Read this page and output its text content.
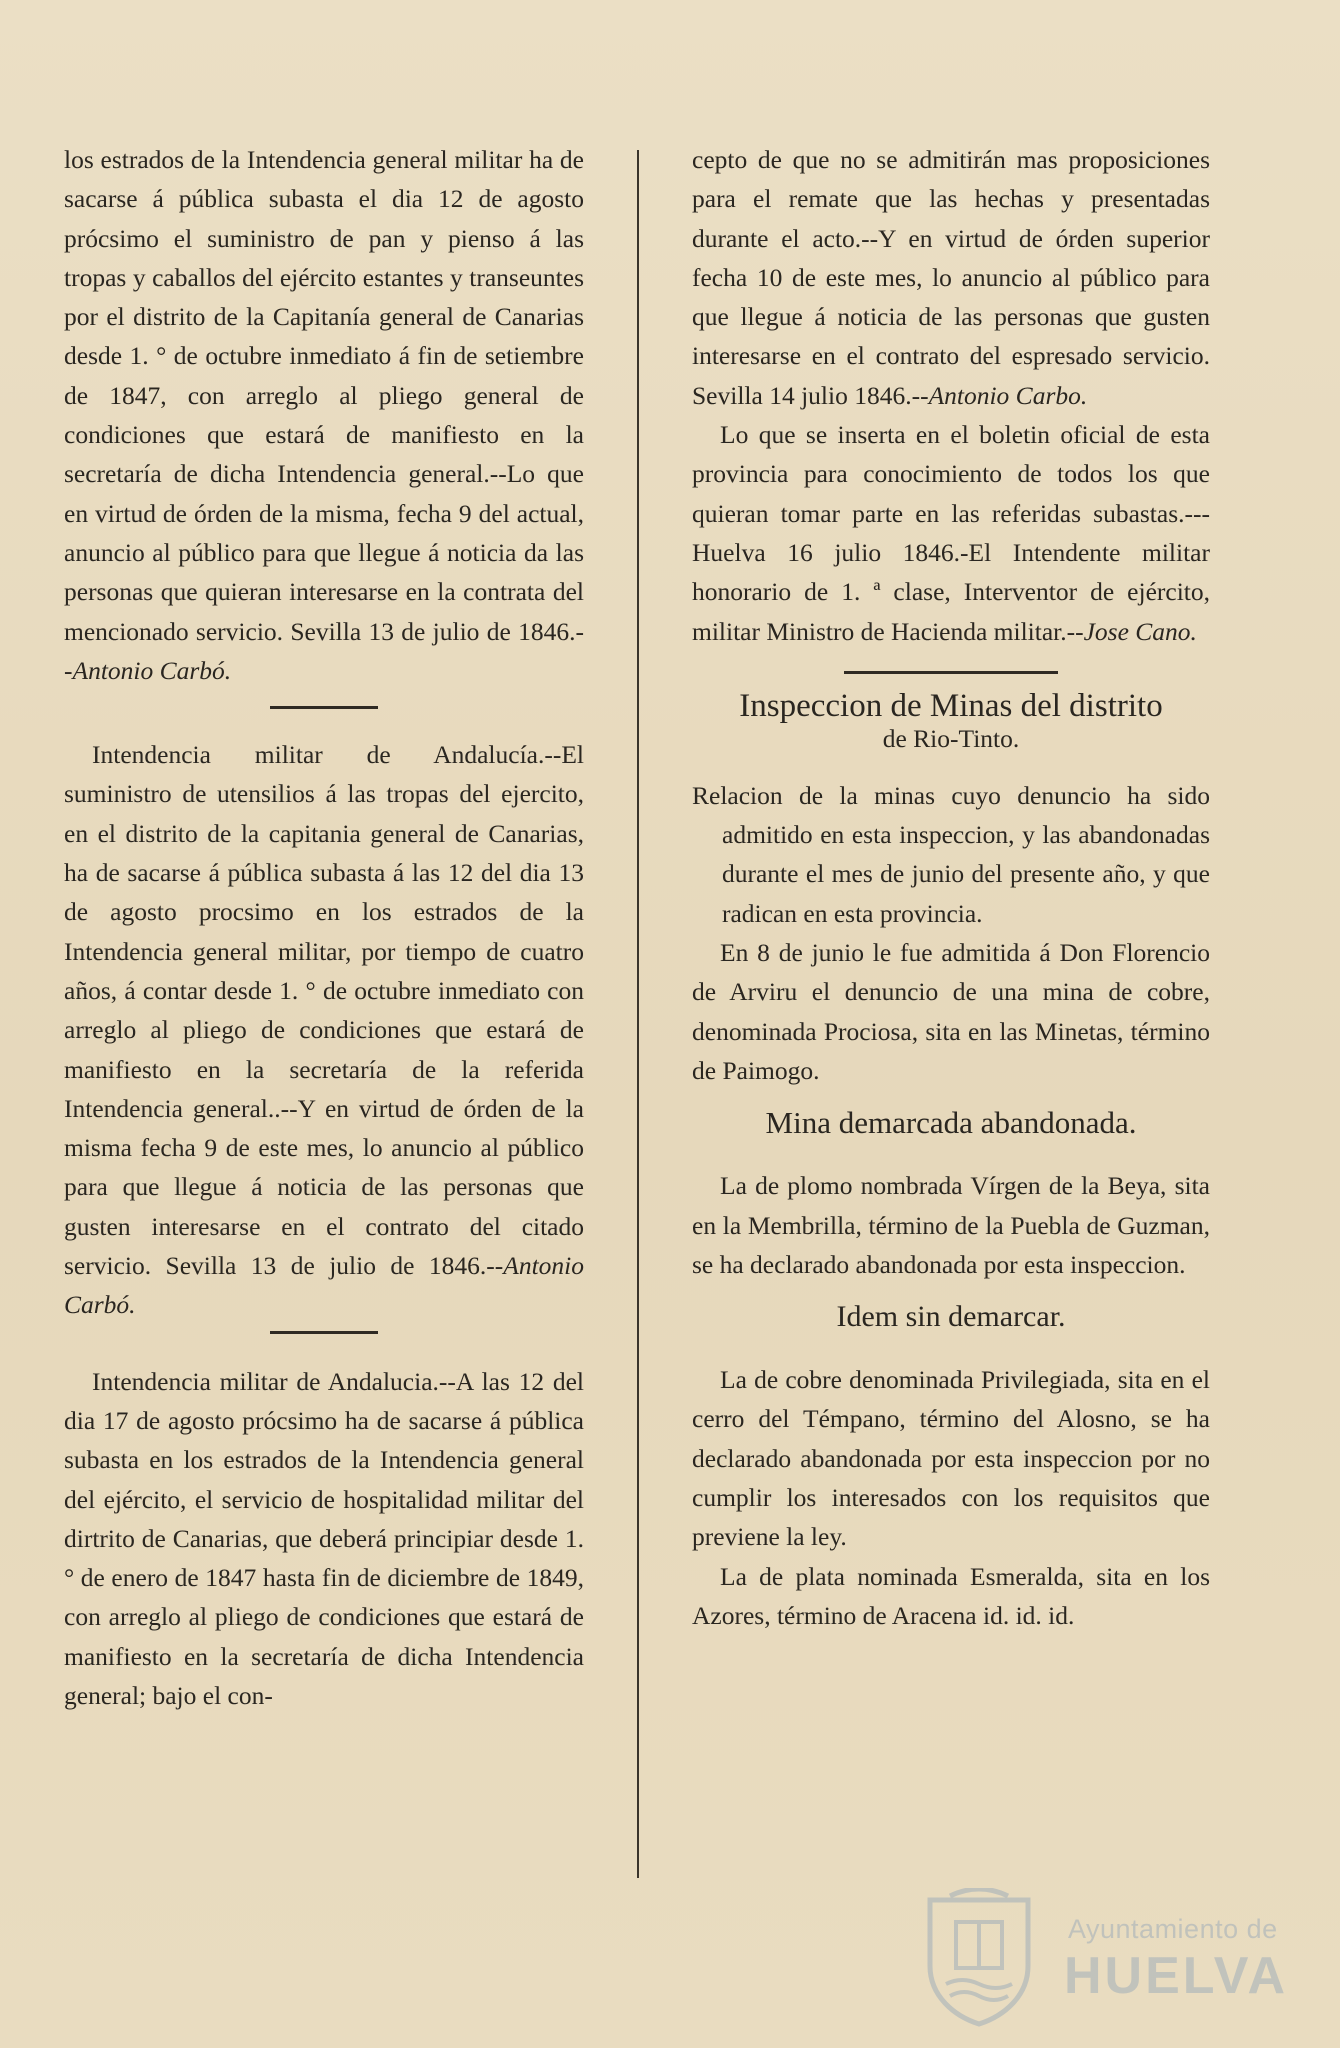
los estrados de la Intendencia general militar ha de sacarse á pública subasta el dia 12 de agosto prócsimo el suministro de pan y pienso á las tropas y caballos del ejército estantes y transeuntes por el distrito de la Capitanía general de Canarias desde 1. ° de octubre inmediato á fin de setiembre de 1847, con arreglo al pliego general de condiciones que estará de manifiesto en la secretaría de dicha Intendencia general.--Lo que en virtud de órden de la misma, fecha 9 del actual, anuncio al público para que llegue á noticia da las personas que quieran interesarse en la contrata del mencionado servicio. Sevilla 13 de julio de 1846.--Antonio Carbó.

Intendencia militar de Andalucía.--El suministro de utensilios á las tropas del ejercito, en el distrito de la capitania general de Canarias, ha de sacarse á pública subasta á las 12 del dia 13 de agosto procsimo en los estrados de la Intendencia general militar, por tiempo de cuatro años, á contar desde 1. ° de octubre inmediato con arreglo al pliego de condiciones que estará de manifiesto en la secretaría de la referida Intendencia general..--Y en virtud de órden de la misma fecha 9 de este mes, lo anuncio al público para que llegue á noticia de las personas que gusten interesarse en el contrato del citado servicio. Sevilla 13 de julio de 1846.--Antonio Carbó.

Intendencia militar de Andalucia.--A las 12 del dia 17 de agosto prócsimo ha de sacarse á pública subasta en los estrados de la Intendencia general del ejército, el servicio de hospitalidad militar del dirtrito de Canarias, que deberá principiar desde 1. ° de enero de 1847 hasta fin de diciembre de 1849, con arreglo al pliego de condiciones que estará de manifiesto en la secretaría de dicha Intendencia general; bajo el con-

cepto de que no se admitirán mas proposiciones para el remate que las hechas y presentadas durante el acto.--Y en virtud de órden superior fecha 10 de este mes, lo anuncio al público para que llegue á noticia de las personas que gusten interesarse en el contrato del espresado servicio. Sevilla 14 julio 1846.--Antonio Carbo.

Lo que se inserta en el boletin oficial de esta provincia para conocimiento de todos los que quieran tomar parte en las referidas subastas.---Huelva 16 julio 1846.-El Intendente militar honorario de 1. ª clase, Interventor de ejército, militar Ministro de Hacienda militar.--Jose Cano.

Inspeccion de Minas del distrito
de Rio-Tinto.

Relacion de la minas cuyo denuncio ha sido admitido en esta inspeccion, y las abandonadas durante el mes de junio del presente año, y que radican en esta provincia.

En 8 de junio le fue admitida á Don Florencio de Arviru el denuncio de una mina de cobre, denominada Prociosa, sita en las Minetas, término de Paimogo.

Mina demarcada abandonada.

La de plomo nombrada Vírgen de la Beya, sita en la Membrilla, término de la Puebla de Guzman, se ha declarado abandonada por esta inspeccion.

Idem sin demarcar.

La de cobre denominada Privilegiada, sita en el cerro del Témpano, término del Alosno, se ha declarado abandonada por esta inspeccion por no cumplir los interesados con los requisitos que previene la ley.

La de plata nominada Esmeralda, sita en los Azores, término de Aracena id. id. id.

Ayuntamiento de
HUELVA
